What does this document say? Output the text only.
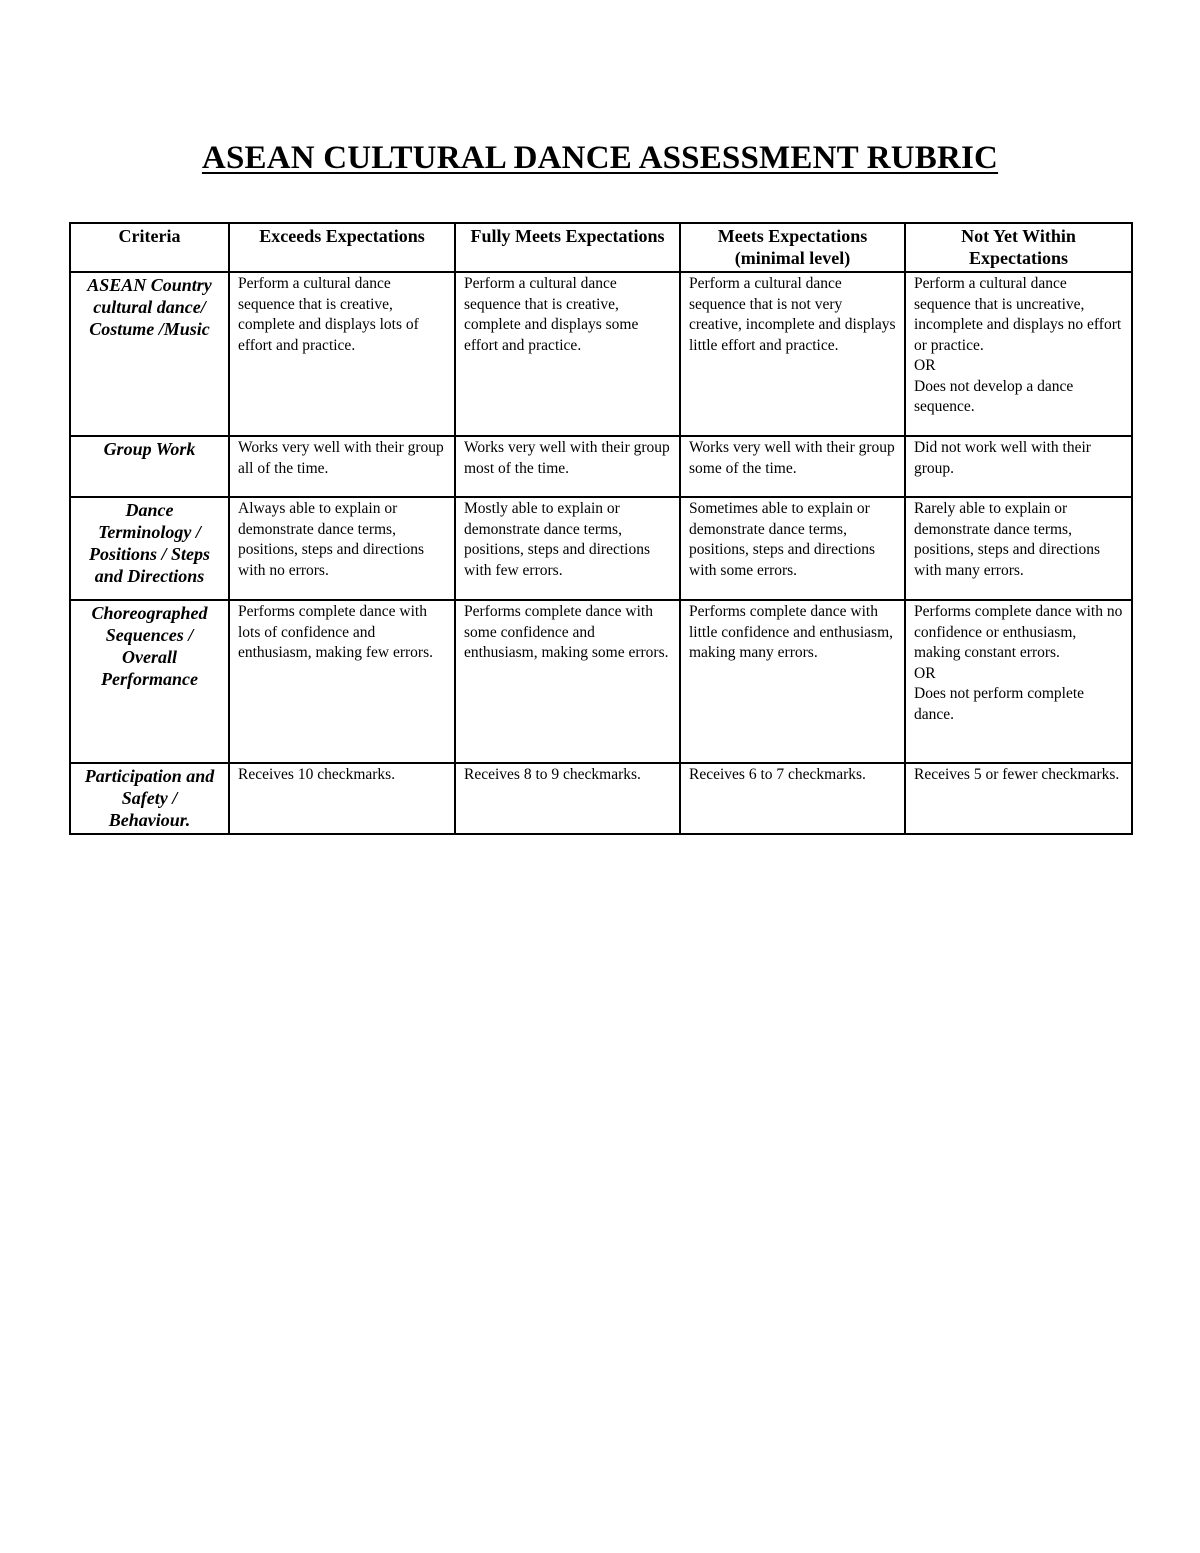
ASEAN CULTURAL DANCE ASSESSMENT RUBRIC
Criteria	Exceeds Expectations	Fully Meets Expectations	Meets Expectations (minimal level)	Not Yet Within Expectations
ASEAN Country cultural dance/ Costume /Music	Perform a cultural dance sequence that is creative, complete and displays lots of effort and practice.	Perform a cultural dance sequence that is creative, complete and displays some effort and practice.	Perform a cultural dance sequence that is not very creative, incomplete and displays little effort and practice.	Perform a cultural dance sequence that is uncreative, incomplete and displays no effort or practice.
OR
Does not develop a dance sequence.

Group Work	Works very well with their group all of the time.	Works very well with their group most of the time.	Works very well with their group some of the time.	Did not work well with their group.
Dance Terminology / Positions / Steps and Directions	Always able to explain or demonstrate dance terms, positions, steps and directions with no errors.	Mostly able to explain or demonstrate dance terms, positions, steps and directions with few errors.	Sometimes able to explain or demonstrate dance terms, positions, steps and directions with some errors.	Rarely able to explain or demonstrate dance terms, positions, steps and directions with many errors.
Choreographed Sequences / Overall Performance	Performs complete dance with lots of confidence and enthusiasm, making few errors.	Performs complete dance with some confidence and enthusiasm, making some errors.	Performs complete dance with little confidence and enthusiasm, making many errors.	Performs complete dance with no confidence or enthusiasm, making constant errors.
OR
Does not perform complete dance.

Participation and Safety / Behaviour.	Receives 10 checkmarks.	Receives 8 to 9 checkmarks.	Receives 6 to 7 checkmarks.	Receives 5 or fewer checkmarks.
